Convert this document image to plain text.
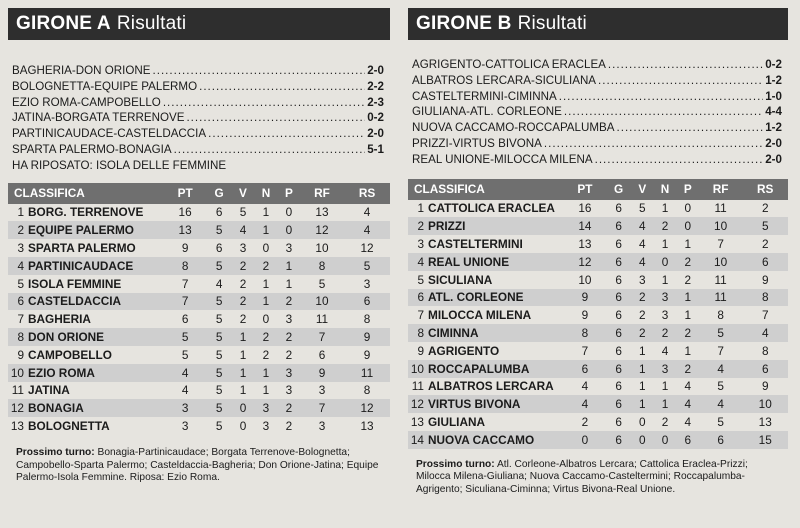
GIRONE A Risultati
BAGHERIA-DON ORIONE .....	2-0
BOLOGNETTA-EQUIPE PALERMO .....	2-2
EZIO ROMA-CAMPOBELLO .....	2-3
JATINA-BORGATA TERRENOVE .....	0-2
PARTINICAUDACE-CASTELDACCIA .....	2-0
SPARTA PALERMO-BONAGIA .....	5-1
HA RIPOSATO: ISOLA DELLE FEMMINE
CLASSIFICA	PT	G	V	N	P	RF	RS
1 BORG. TERRENOVE	16	6	5	1	0	13	4
2 EQUIPE PALERMO	13	5	4	1	0	12	4
3 SPARTA PALERMO	9	6	3	0	3	10	12
4 PARTINICAUDACE	8	5	2	2	1	8	5
5 ISOLA FEMMINE	7	4	2	1	1	5	3
6 CASTELDACCIA	7	5	2	1	2	10	6
7 BAGHERIA	6	5	2	0	3	11	8
8 DON ORIONE	5	5	1	2	2	7	9
9 CAMPOBELLO	5	5	1	2	2	6	9
10 EZIO ROMA	4	5	1	1	3	9	11
11 JATINA	4	5	1	1	3	3	8
12 BONAGIA	3	5	0	3	2	7	12
13 BOLOGNETTA	3	5	0	3	2	3	13
Prossimo turno: Bonagia-Partinicaudace; Borgata Terrenove-Bolognetta; Campobello-Sparta Palermo; Casteldaccia-Bagheria; Don Orione-Jatina; Equipe Palermo-Isola Femmine. Riposa: Ezio Roma.
GIRONE B Risultati
AGRIGENTO-CATTOLICA ERACLEA .....	0-2
ALBATROS LERCARA-SICULIANA .....	1-2
CASTELTERMINI-CIMINNA .....	1-0
GIULIANA-ATL. CORLEONE .....	4-4
NUOVA CACCAMO-ROCCAPALUMBA .....	1-2
PRIZZI-VIRTUS BIVONA .....	2-0
REAL UNIONE-MILOCCA MILENA .....	2-0
CLASSIFICA	PT	G	V	N	P	RF	RS
1 CATTOLICA ERACLEA	16	6	5	1	0	11	2
2 PRIZZI	14	6	4	2	0	10	5
3 CASTELTERMINI	13	6	4	1	1	7	2
4 REAL UNIONE	12	6	4	0	2	10	6
5 SICULIANA	10	6	3	1	2	11	9
6 ATL. CORLEONE	9	6	2	3	1	11	8
7 MILOCCA MILENA	9	6	2	3	1	8	7
8 CIMINNA	8	6	2	2	2	5	4
9 AGRIGENTO	7	6	1	4	1	7	8
10 ROCCAPALUMBA	6	6	1	3	2	4	6
11 ALBATROS LERCARA	4	6	1	1	4	5	9
12 VIRTUS BIVONA	4	6	1	1	4	4	10
13 GIULIANA	2	6	0	2	4	5	13
14 NUOVA CACCAMO	0	6	0	0	6	6	15
Prossimo turno: Atl. Corleone-Albatros Lercara; Cattolica Eraclea-Prizzi; Milocca Milena-Giuliana; Nuova Caccamo-Casteltermini; Roccapalumba-Agrigento; Siculiana-Ciminna; Virtus Bivona-Real Unione.
